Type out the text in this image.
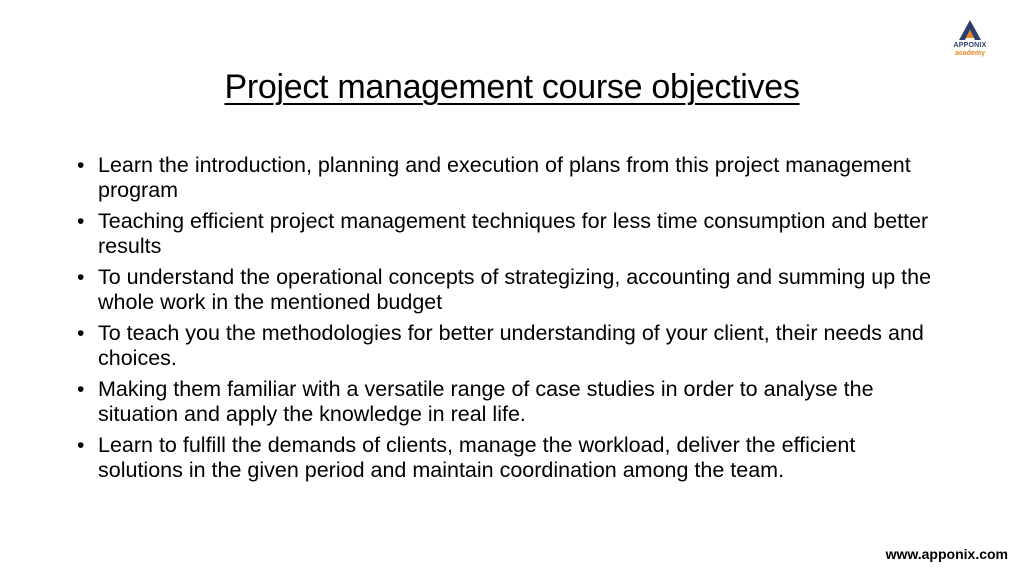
APPONIX
academy
Project management course objectives
• Learn the introduction, planning and execution of plans from this project management program
• Teaching efficient project management techniques for less time consumption and better results
• To understand the operational concepts of strategizing, accounting and summing up the whole work in the mentioned budget
• To teach you the methodologies for better understanding of your client, their needs and choices.
• Making them familiar with a versatile range of case studies in order to analyse the situation and apply the knowledge in real life.
• Learn to fulfill the demands of clients, manage the workload, deliver the efficient solutions in the given period and maintain coordination among the team.
www.apponix.com
